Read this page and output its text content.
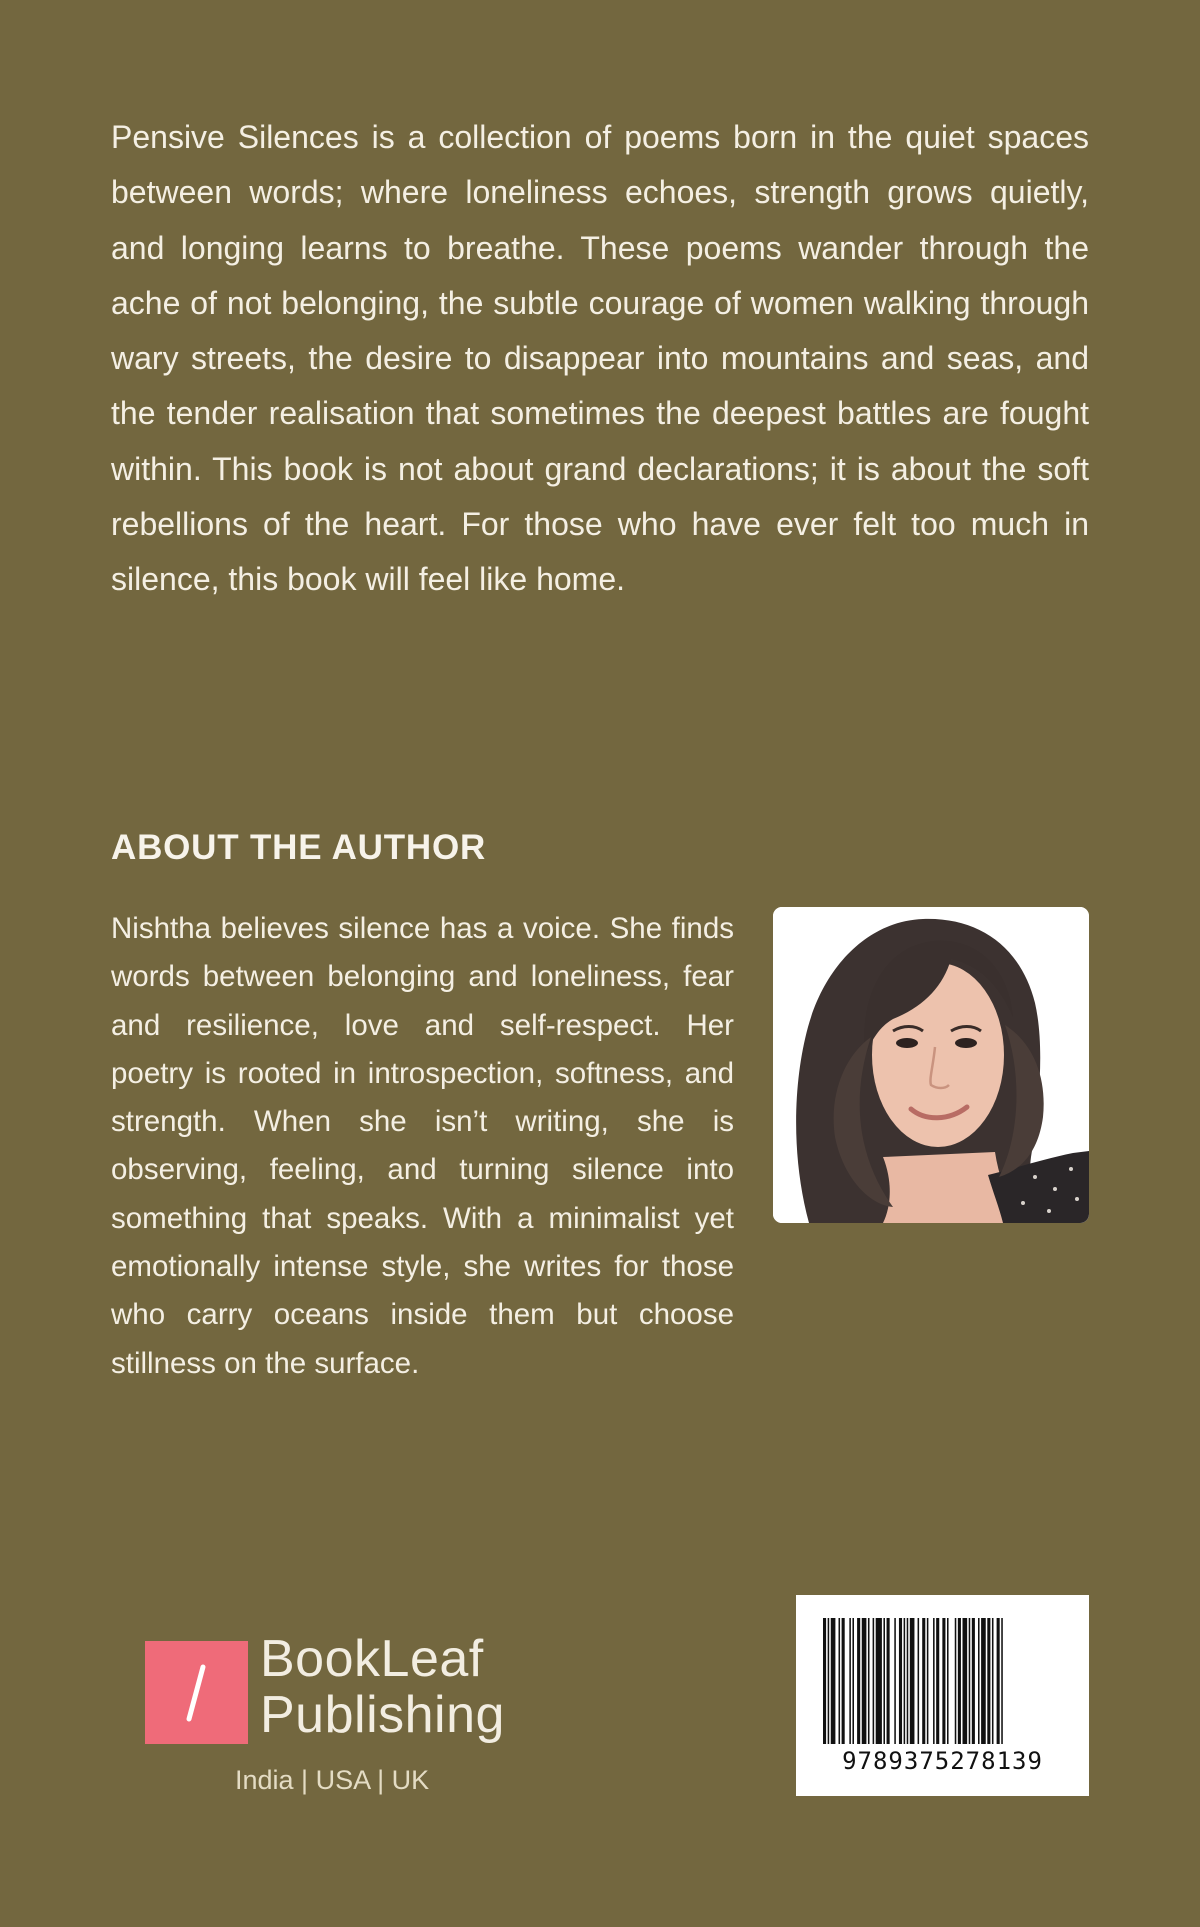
Pensive Silences is a collection of poems born in the quiet spaces between words; where loneliness echoes, strength grows quietly, and longing learns to breathe. These poems wander through the ache of not belonging, the subtle courage of women walking through wary streets, the desire to disappear into mountains and seas, and the tender realisation that sometimes the deepest battles are fought within. This book is not about grand declarations; it is about the soft rebellions of the heart. For those who have ever felt too much in silence, this book will feel like home.

ABOUT THE AUTHOR

Nishtha believes silence has a voice. She finds words between belonging and loneliness, fear and resilience, love and self-respect. Her poetry is rooted in introspection, softness, and strength. When she isn’t writing, she is observing, feeling, and turning silence into something that speaks. With a minimalist yet emotionally intense style, she writes for those who carry oceans inside them but choose stillness on the surface.

BookLeaf
Publishing
India | USA | UK
9789375278139
